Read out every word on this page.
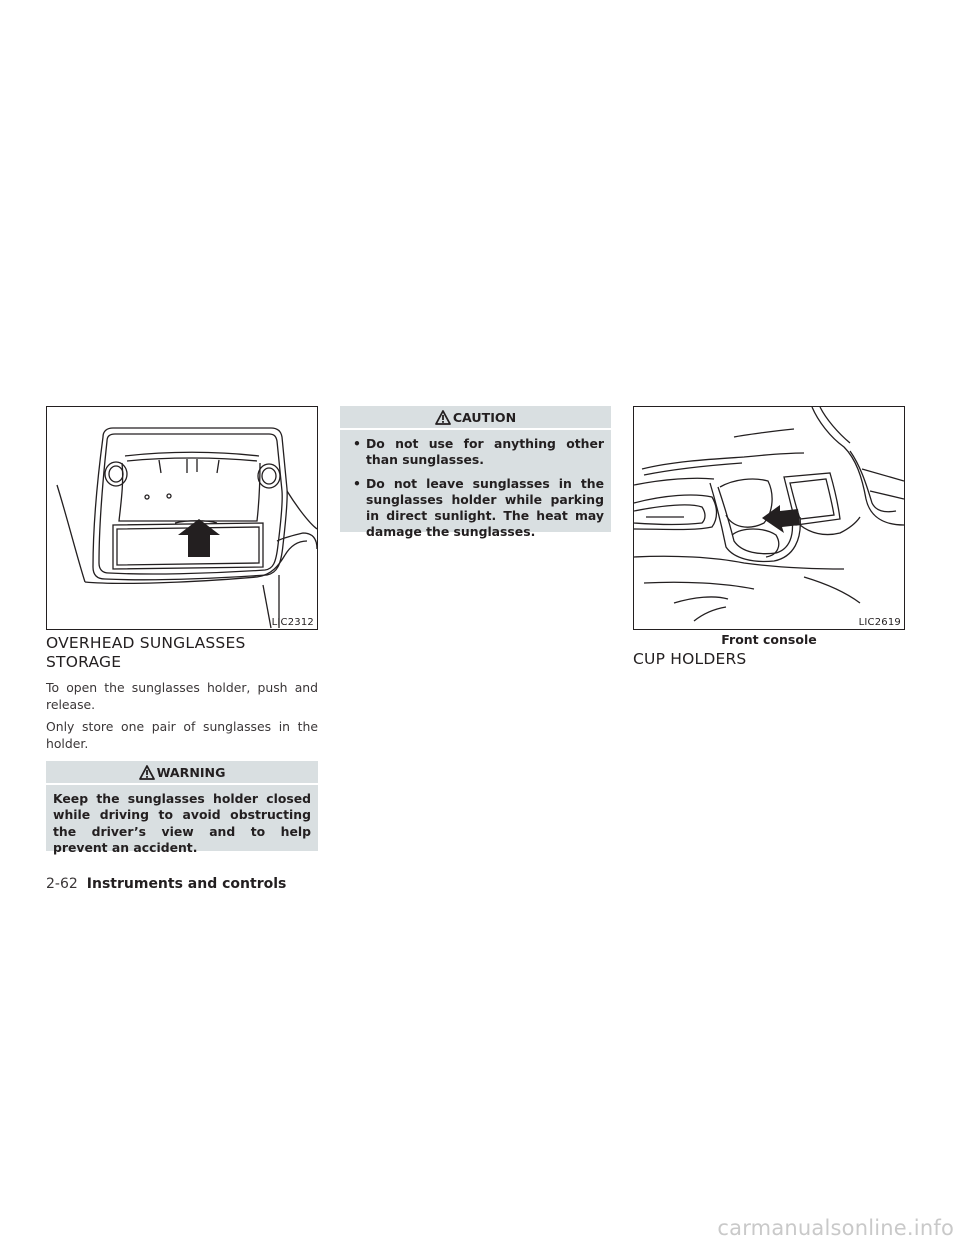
LIC2312
OVERHEAD SUNGLASSES
STORAGE

To open the sunglasses holder, push and release.

Only store one pair of sunglasses in the holder.

WARNING
Keep the sunglasses holder closed while driving to avoid obstructing the driver’s view and to help prevent an accident.
CAUTION
• Do not use for anything other than sunglasses.
• Do not leave sunglasses in the sunglasses holder while parking in direct sunlight. The heat may damage the sunglasses.
LIC2619
Front console
CUP HOLDERS
2-62 Instruments and controls
carmanualsonline.info
